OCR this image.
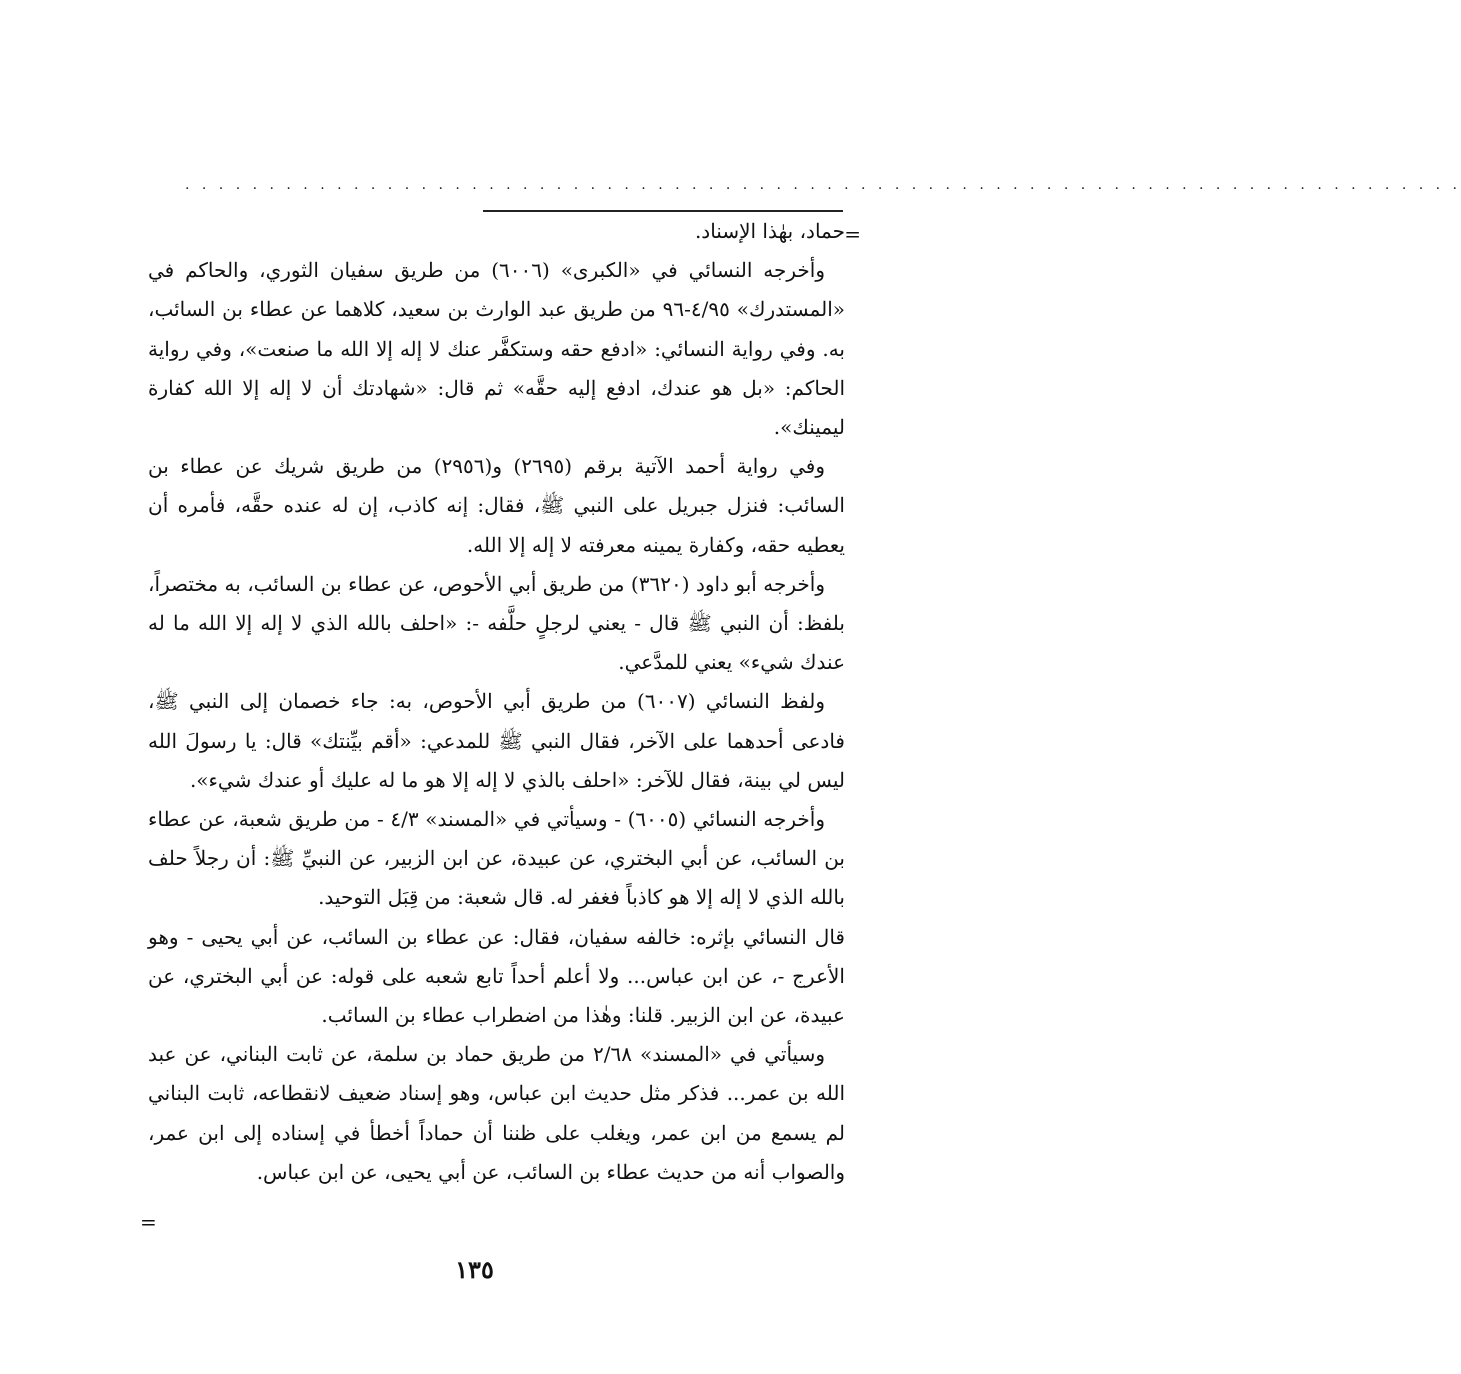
. . . . . . . . . . . . . . . . . . . . . . . . . . . . . . . . . . . . . . . . . . . . . . . . . . . . . . . . . . . . . . . . . . . . . . . . . . . .
=
=

حماد، بهٰذا الإسناد.

وأخرجه النسائي في «الكبرى» (٦٠٠٦) من طريق سفيان الثوري، والحاكم في «المستدرك» ٤/٩٥-٩٦ من طريق عبد الوارث بن سعيد، كلاهما عن عطاء بن السائب، به. وفي رواية النسائي: «ادفع حقه وستكفَّر عنك لا إله إلا الله ما صنعت»، وفي رواية الحاكم: «بل هو عندك، ادفع إليه حقَّه» ثم قال: «شهادتك أن لا إله إلا الله كفارة ليمينك».

وفي رواية أحمد الآتية برقم (٢٦٩٥) و(٢٩٥٦) من طريق شريك عن عطاء بن السائب: فنزل جبريل على النبي ﷺ، فقال: إنه كاذب، إن له عنده حقَّه، فأمره أن يعطيه حقه، وكفارة يمينه معرفته لا إله إلا الله.

وأخرجه أبو داود (٣٦٢٠) من طريق أبي الأحوص، عن عطاء بن السائب، به مختصراً، بلفظ: أن النبي ﷺ قال - يعني لرجلٍ حلَّفه -: «احلف بالله الذي لا إله إلا الله ما له عندك شيء» يعني للمدَّعي.

ولفظ النسائي (٦٠٠٧) من طريق أبي الأحوص، به: جاء خصمان إلى النبي ﷺ، فادعى أحدهما على الآخر، فقال النبي ﷺ للمدعي: «أقم بيِّنتك» قال: يا رسولَ الله ليس لي بينة، فقال للآخر: «احلف بالذي لا إله إلا هو ما له عليك أو عندك شيء».

وأخرجه النسائي (٦٠٠٥) - وسيأتي في «المسند» ٤/٣ - من طريق شعبة، عن عطاء بن السائب، عن أبي البختري، عن عبيدة، عن ابن الزبير، عن النبيِّ ﷺ: أن رجلاً حلف بالله الذي لا إله إلا هو كاذباً فغفر له. قال شعبة: من قِبَل التوحيد.

قال النسائي بإثره: خالفه سفيان، فقال: عن عطاء بن السائب، عن أبي يحيى - وهو الأعرج -، عن ابن عباس... ولا أعلم أحداً تابع شعبه على قوله: عن أبي البختري، عن عبيدة، عن ابن الزبير. قلنا: وهٰذا من اضطراب عطاء بن السائب.

وسيأتي في «المسند» ٢/٦٨ من طريق حماد بن سلمة، عن ثابت البناني، عن عبد الله بن عمر... فذكر مثل حديث ابن عباس، وهو إسناد ضعيف لانقطاعه، ثابت البناني لم يسمع من ابن عمر، ويغلب على ظننا أن حماداً أخطأ في إسناده إلى ابن عمر، والصواب أنه من حديث عطاء بن السائب، عن أبي يحيى، عن ابن عباس.

١٣٥
